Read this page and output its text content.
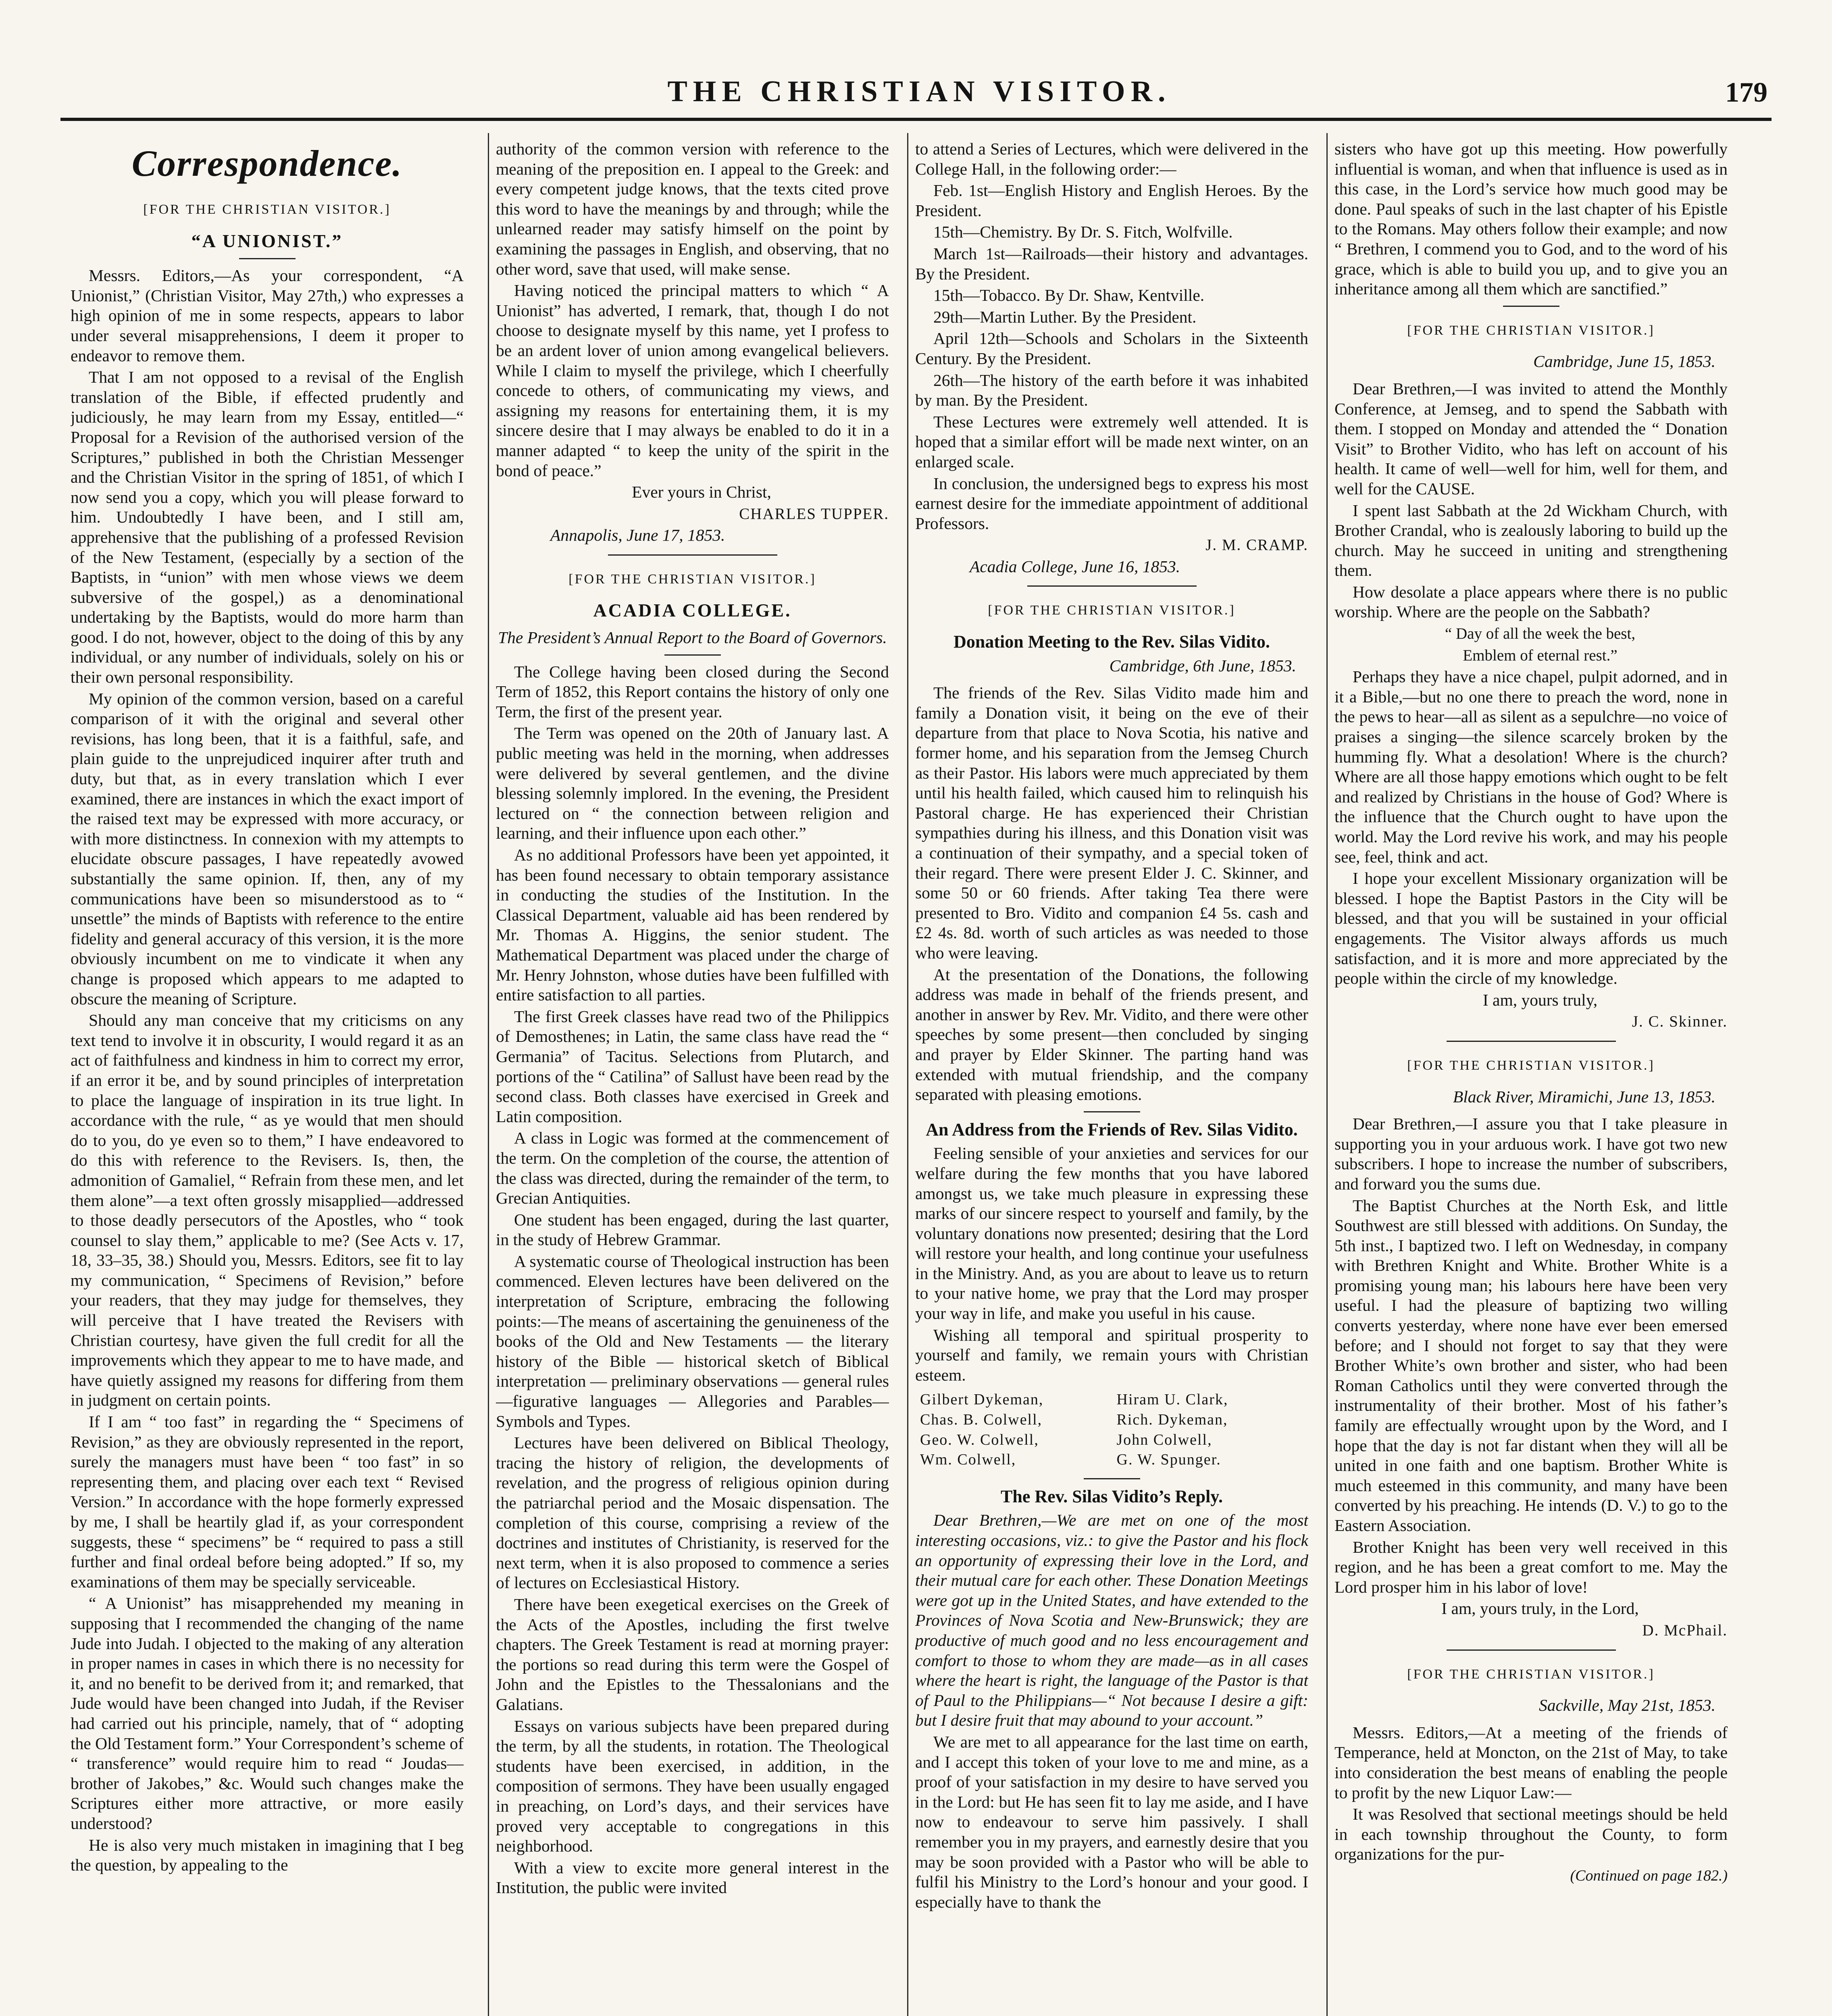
THE CHRISTIAN VISITOR.	179
Correspondence.
[FOR THE CHRISTIAN VISITOR.]
“A UNIONIST.”

Messrs. Editors,—As your correspondent, “A Unionist,” (Christian Visitor, May 27th,) who expresses a high opinion of me in some respects, appears to labor under several misapprehensions, I deem it proper to endeavor to remove them.

That I am not opposed to a revisal of the English translation of the Bible, if effected prudently and judiciously, he may learn from my Essay, entitled—“ Proposal for a Revision of the authorised version of the Scriptures,” published in both the Christian Messenger and the Christian Visitor in the spring of 1851, of which I now send you a copy, which you will please forward to him. Undoubtedly I have been, and I still am, apprehensive that the publishing of a professed Revision of the New Testament, (especially by a section of the Baptists, in “union” with men whose views we deem subversive of the gospel,) as a denominational undertaking by the Baptists, would do more harm than good. I do not, however, object to the doing of this by any individual, or any number of individuals, solely on his or their own personal responsibility.

My opinion of the common version, based on a careful comparison of it with the original and several other revisions, has long been, that it is a faithful, safe, and plain guide to the unprejudiced inquirer after truth and duty, but that, as in every translation which I ever examined, there are instances in which the exact import of the raised text may be expressed with more accuracy, or with more distinctness. In connexion with my attempts to elucidate obscure passages, I have repeatedly avowed substantially the same opinion. If, then, any of my communications have been so misunderstood as to “ unsettle” the minds of Baptists with reference to the entire fidelity and general accuracy of this version, it is the more obviously incumbent on me to vindicate it when any change is proposed which appears to me adapted to obscure the meaning of Scripture.

Should any man conceive that my criticisms on any text tend to involve it in obscurity, I would regard it as an act of faithfulness and kindness in him to correct my error, if an error it be, and by sound principles of interpretation to place the language of inspiration in its true light. In accordance with the rule, “ as ye would that men should do to you, do ye even so to them,” I have endeavored to do this with reference to the Revisers. Is, then, the admonition of Gamaliel, “ Refrain from these men, and let them alone”—a text often grossly misapplied—addressed to those deadly persecutors of the Apostles, who “ took counsel to slay them,” applicable to me? (See Acts v. 17, 18, 33–35, 38.) Should you, Messrs. Editors, see fit to lay my communication, “ Specimens of Revision,” before your readers, that they may judge for themselves, they will perceive that I have treated the Revisers with Christian courtesy, have given the full credit for all the improvements which they appear to me to have made, and have quietly assigned my reasons for differing from them in judgment on certain points.

If I am “ too fast” in regarding the “ Specimens of Revision,” as they are obviously represented in the report, surely the managers must have been “ too fast” in so representing them, and placing over each text “ Revised Version.” In accordance with the hope formerly expressed by me, I shall be heartily glad if, as your correspondent suggests, these “ specimens” be “ required to pass a still further and final ordeal before being adopted.” If so, my examinations of them may be specially serviceable.

“ A Unionist” has misapprehended my meaning in supposing that I recommended the changing of the name Jude into Judah. I objected to the making of any alteration in proper names in cases in which there is no necessity for it, and no benefit to be derived from it; and remarked, that Jude would have been changed into Judah, if the Reviser had carried out his principle, namely, that of “ adopting the Old Testament form.” Your Correspondent’s scheme of “ transference” would require him to read “ Joudas—brother of Jakobes,” &c. Would such changes make the Scriptures either more attractive, or more easily understood?

He is also very much mistaken in imagining that I beg the question, by appealing to the

authority of the common version with reference to the meaning of the preposition en. I appeal to the Greek: and every competent judge knows, that the texts cited prove this word to have the meanings by and through; while the unlearned reader may satisfy himself on the point by examining the passages in English, and observing, that no other word, save that used, will make sense.

Having noticed the principal matters to which “ A Unionist” has adverted, I remark, that, though I do not choose to designate myself by this name, yet I profess to be an ardent lover of union among evangelical believers. While I claim to myself the privilege, which I cheerfully concede to others, of communicating my views, and assigning my reasons for entertaining them, it is my sincere desire that I may always be enabled to do it in a manner adapted “ to keep the unity of the spirit in the bond of peace.”

Ever yours in Christ,

CHARLES TUPPER.

Annapolis, June 17, 1853.

[FOR THE CHRISTIAN VISITOR.]
ACADIA COLLEGE.
The President’s Annual Report to the Board of Governors.

The College having been closed during the Second Term of 1852, this Report contains the history of only one Term, the first of the present year.

The Term was opened on the 20th of January last. A public meeting was held in the morning, when addresses were delivered by several gentlemen, and the divine blessing solemnly implored. In the evening, the President lectured on “ the connection between religion and learning, and their influence upon each other.”

As no additional Professors have been yet appointed, it has been found necessary to obtain temporary assistance in conducting the studies of the Institution. In the Classical Department, valuable aid has been rendered by Mr. Thomas A. Higgins, the senior student. The Mathematical Department was placed under the charge of Mr. Henry Johnston, whose duties have been fulfilled with entire satisfaction to all parties.

The first Greek classes have read two of the Philippics of Demosthenes; in Latin, the same class have read the “ Germania” of Tacitus. Selections from Plutarch, and portions of the “ Catilina” of Sallust have been read by the second class. Both classes have exercised in Greek and Latin composition.

A class in Logic was formed at the commencement of the term. On the completion of the course, the attention of the class was directed, during the remainder of the term, to Grecian Antiquities.

One student has been engaged, during the last quarter, in the study of Hebrew Grammar.

A systematic course of Theological instruction has been commenced. Eleven lectures have been delivered on the interpretation of Scripture, embracing the following points:—The means of ascertaining the genuineness of the books of the Old and New Testaments — the literary history of the Bible — historical sketch of Biblical interpretation — preliminary observations — general rules—figurative languages — Allegories and Parables—Symbols and Types.

Lectures have been delivered on Biblical Theology, tracing the history of religion, the developments of revelation, and the progress of religious opinion during the patriarchal period and the Mosaic dispensation. The completion of this course, comprising a review of the doctrines and institutes of Christianity, is reserved for the next term, when it is also proposed to commence a series of lectures on Ecclesiastical History.

There have been exegetical exercises on the Greek of the Acts of the Apostles, including the first twelve chapters. The Greek Testament is read at morning prayer: the portions so read during this term were the Gospel of John and the Epistles to the Thessalonians and the Galatians.

Essays on various subjects have been prepared during the term, by all the students, in rotation. The Theological students have been exercised, in addition, in the composition of sermons. They have been usually engaged in preaching, on Lord’s days, and their services have proved very acceptable to congregations in this neighborhood.

With a view to excite more general interest in the Institution, the public were invited

to attend a Series of Lectures, which were delivered in the College Hall, in the following order:—

Feb. 1st—English History and English Heroes. By the President.

15th—Chemistry. By Dr. S. Fitch, Wolfville.

March 1st—Railroads—their history and advantages. By the President.

15th—Tobacco. By Dr. Shaw, Kentville.

29th—Martin Luther. By the President.

April 12th—Schools and Scholars in the Sixteenth Century. By the President.

26th—The history of the earth before it was inhabited by man. By the President.

These Lectures were extremely well attended. It is hoped that a similar effort will be made next winter, on an enlarged scale.

In conclusion, the undersigned begs to express his most earnest desire for the immediate appointment of additional Professors.

J. M. CRAMP.

Acadia College, June 16, 1853.

[FOR THE CHRISTIAN VISITOR.]
Donation Meeting to the Rev. Silas Vidito.
Cambridge, 6th June, 1853.

The friends of the Rev. Silas Vidito made him and family a Donation visit, it being on the eve of their departure from that place to Nova Scotia, his native and former home, and his separation from the Jemseg Church as their Pastor. His labors were much appreciated by them until his health failed, which caused him to relinquish his Pastoral charge. He has experienced their Christian sympathies during his illness, and this Donation visit was a continuation of their sympathy, and a special token of their regard. There were present Elder J. C. Skinner, and some 50 or 60 friends. After taking Tea there were presented to Bro. Vidito and companion £4 5s. cash and £2 4s. 8d. worth of such articles as was needed to those who were leaving.

At the presentation of the Donations, the following address was made in behalf of the friends present, and another in answer by Rev. Mr. Vidito, and there were other speeches by some present—then concluded by singing and prayer by Elder Skinner. The parting hand was extended with mutual friendship, and the company separated with pleasing emotions.

An Address from the Friends of Rev. Silas Vidito.

Feeling sensible of your anxieties and services for our welfare during the few months that you have labored amongst us, we take much pleasure in expressing these marks of our sincere respect to yourself and family, by the voluntary donations now presented; desiring that the Lord will restore your health, and long continue your usefulness in the Ministry. And, as you are about to leave us to return to your native home, we pray that the Lord may prosper your way in life, and make you useful in his cause.

Wishing all temporal and spiritual prosperity to yourself and family, we remain yours with Christian esteem.

Gilbert Dykeman,	Hiram U. Clark,
Chas. B. Colwell,	Rich. Dykeman,
Geo. W. Colwell,	John Colwell,
Wm. Colwell,	G. W. Spunger.
The Rev. Silas Vidito’s Reply.

Dear Brethren,—We are met on one of the most interesting occasions, viz.: to give the Pastor and his flock an opportunity of expressing their love in the Lord, and their mutual care for each other. These Donation Meetings were got up in the United States, and have extended to the Provinces of Nova Scotia and New-Brunswick; they are productive of much good and no less encouragement and comfort to those to whom they are made—as in all cases where the heart is right, the language of the Pastor is that of Paul to the Philippians—“ Not because I desire a gift: but I desire fruit that may abound to your account.”

We are met to all appearance for the last time on earth, and I accept this token of your love to me and mine, as a proof of your satisfaction in my desire to have served you in the Lord: but He has seen fit to lay me aside, and I have now to endeavour to serve him passively. I shall remember you in my prayers, and earnestly desire that you may be soon provided with a Pastor who will be able to fulfil his Ministry to the Lord’s honour and your good. I especially have to thank the

sisters who have got up this meeting. How powerfully influential is woman, and when that influence is used as in this case, in the Lord’s service how much good may be done. Paul speaks of such in the last chapter of his Epistle to the Romans. May others follow their example; and now “ Brethren, I commend you to God, and to the word of his grace, which is able to build you up, and to give you an inheritance among all them which are sanctified.”

[FOR THE CHRISTIAN VISITOR.]
Cambridge, June 15, 1853.

Dear Brethren,—I was invited to attend the Monthly Conference, at Jemseg, and to spend the Sabbath with them. I stopped on Monday and attended the “ Donation Visit” to Brother Vidito, who has left on account of his health. It came of well—well for him, well for them, and well for the CAUSE.

I spent last Sabbath at the 2d Wickham Church, with Brother Crandal, who is zealously laboring to build up the church. May he succeed in uniting and strengthening them.

How desolate a place appears where there is no public worship. Where are the people on the Sabbath?

“ Day of all the week the best,

Emblem of eternal rest.”

Perhaps they have a nice chapel, pulpit adorned, and in it a Bible,—but no one there to preach the word, none in the pews to hear—all as silent as a sepulchre—no voice of praises a singing—the silence scarcely broken by the humming fly. What a desolation! Where is the church? Where are all those happy emotions which ought to be felt and realized by Christians in the house of God? Where is the influence that the Church ought to have upon the world. May the Lord revive his work, and may his people see, feel, think and act.

I hope your excellent Missionary organization will be blessed. I hope the Baptist Pastors in the City will be blessed, and that you will be sustained in your official engagements. The Visitor always affords us much satisfaction, and it is more and more appreciated by the people within the circle of my knowledge.

I am, yours truly,

J. C. Skinner.

[FOR THE CHRISTIAN VISITOR.]
Black River, Miramichi, June 13, 1853.

Dear Brethren,—I assure you that I take pleasure in supporting you in your arduous work. I have got two new subscribers. I hope to increase the number of subscribers, and forward you the sums due.

The Baptist Churches at the North Esk, and little Southwest are still blessed with additions. On Sunday, the 5th inst., I baptized two. I left on Wednesday, in company with Brethren Knight and White. Brother White is a promising young man; his labours here have been very useful. I had the pleasure of baptizing two willing converts yesterday, where none have ever been emersed before; and I should not forget to say that they were Brother White’s own brother and sister, who had been Roman Catholics until they were converted through the instrumentality of their brother. Most of his father’s family are effectually wrought upon by the Word, and I hope that the day is not far distant when they will all be united in one faith and one baptism. Brother White is much esteemed in this community, and many have been converted by his preaching. He intends (D. V.) to go to the Eastern Association.

Brother Knight has been very well received in this region, and he has been a great comfort to me. May the Lord prosper him in his labor of love!

I am, yours truly, in the Lord,

D. McPhail.

[FOR THE CHRISTIAN VISITOR.]
Sackville, May 21st, 1853.

Messrs. Editors,—At a meeting of the friends of Temperance, held at Moncton, on the 21st of May, to take into consideration the best means of enabling the people to profit by the new Liquor Law:—

It was Resolved that sectional meetings should be held in each township throughout the County, to form organizations for the pur-

(Continued on page 182.)
